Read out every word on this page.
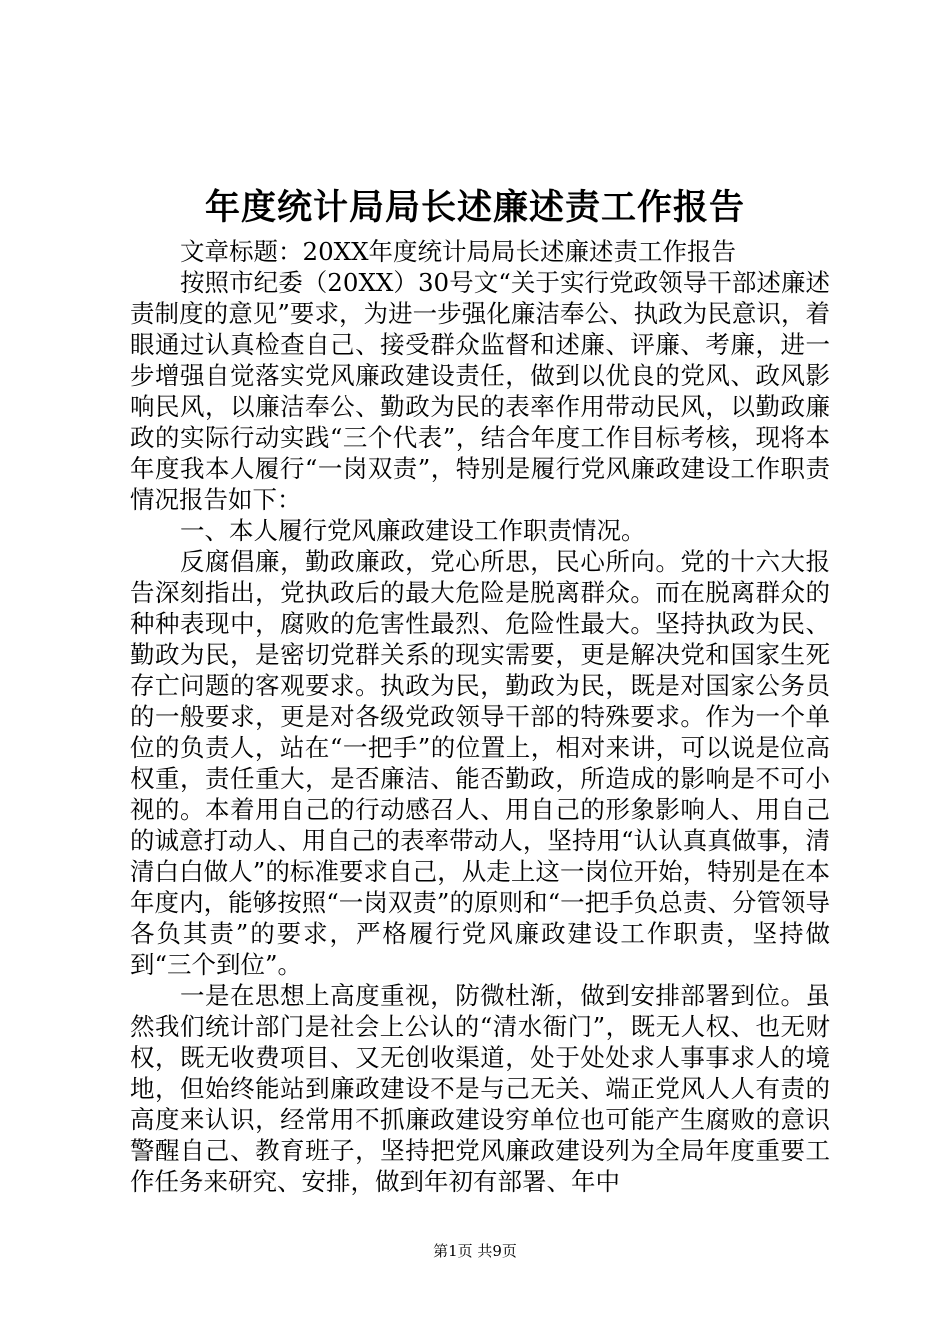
年度统计局局长述廉述责工作报告

文章标题：20XX年度统计局局长述廉述责工作报告

按照市纪委（20XX）30号文“关于实行党政领导干部述廉述责制度的意见”要求，为进一步强化廉洁奉公、执政为民意识，着眼通过认真检查自己、接受群众监督和述廉、评廉、考廉，进一步增强自觉落实党风廉政建设责任，做到以优良的党风、政风影响民风，以廉洁奉公、勤政为民的表率作用带动民风，以勤政廉政的实际行动实践“三个代表”，结合年度工作目标考核，现将本年度我本人履行“一岗双责”，特别是履行党风廉政建设工作职责情况报告如下：

一、本人履行党风廉政建设工作职责情况。

反腐倡廉，勤政廉政，党心所思，民心所向。党的十六大报告深刻指出，党执政后的最大危险是脱离群众。而在脱离群众的种种表现中，腐败的危害性最烈、危险性最大。坚持执政为民、勤政为民，是密切党群关系的现实需要，更是解决党和国家生死存亡问题的客观要求。执政为民，勤政为民，既是对国家公务员的一般要求，更是对各级党政领导干部的特殊要求。作为一个单位的负责人，站在“一把手”的位置上，相对来讲，可以说是位高权重，责任重大，是否廉洁、能否勤政，所造成的影响是不可小视的。本着用自己的行动感召人、用自己的形象影响人、用自己的诚意打动人、用自己的表率带动人，坚持用“认认真真做事，清清白白做人”的标准要求自己，从走上这一岗位开始，特别是在本年度内，能够按照“一岗双责”的原则和“一把手负总责、分管领导各负其责”的要求，严格履行党风廉政建设工作职责，坚持做到“三个到位”。

一是在思想上高度重视，防微杜渐，做到安排部署到位。虽然我们统计部门是社会上公认的“清水衙门”，既无人权、也无财权，既无收费项目、又无创收渠道，处于处处求人事事求人的境地，但始终能站到廉政建设不是与己无关、端正党风人人有责的高度来认识，经常用不抓廉政建设穷单位也可能产生腐败的意识警醒自己、教育班子，坚持把党风廉政建设列为全局年度重要工作任务来研究、安排，做到年初有部署、年中

第1页 共9页
